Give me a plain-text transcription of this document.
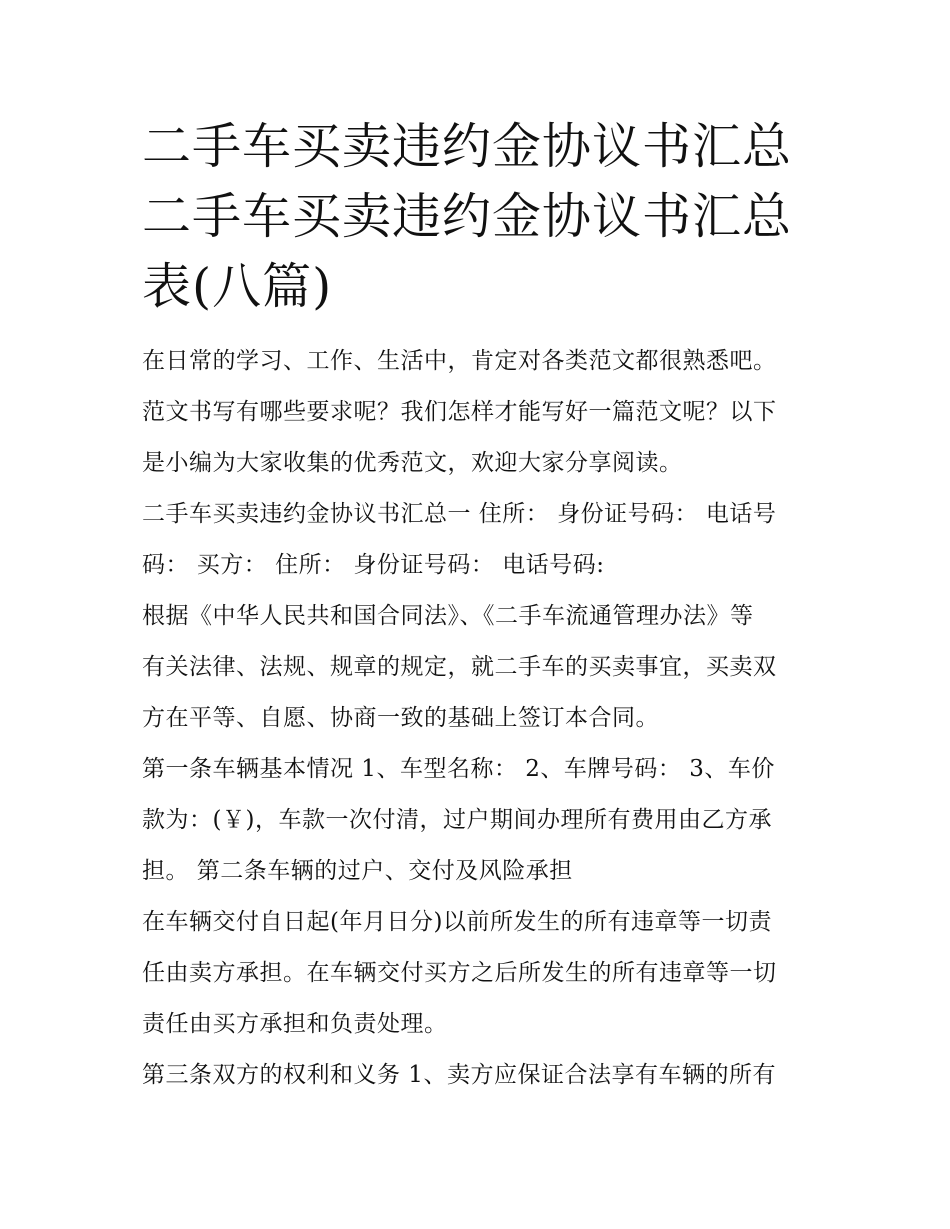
二手车买卖违约金协议书汇总
二手车买卖违约金协议书汇总
表(八篇)

在日常的学习、工作、生活中，肯定对各类范文都很熟悉吧。
范文书写有哪些要求呢？我们怎样才能写好一篇范文呢？以下
是小编为大家收集的优秀范文，欢迎大家分享阅读。

二手车买卖违约金协议书汇总一 住所： 身份证号码： 电话号
码： 买方： 住所： 身份证号码： 电话号码:

根据《中华人民共和国合同法》、《二手车流通管理办法》等
有关法律、法规、规章的规定，就二手车的买卖事宜，买卖双
方在平等、自愿、协商一致的基础上签订本合同。

第一条车辆基本情况 1、车型名称： 2、车牌号码： 3、车价
款为：(￥)，车款一次付清，过户期间办理所有费用由乙方承
担。 第二条车辆的过户、交付及风险承担

在车辆交付自日起(年月日分)以前所发生的所有违章等一切责
任由卖方承担。在车辆交付买方之后所发生的所有违章等一切
责任由买方承担和负责处理。

第三条双方的权利和义务 1、卖方应保证合法享有车辆的所有
